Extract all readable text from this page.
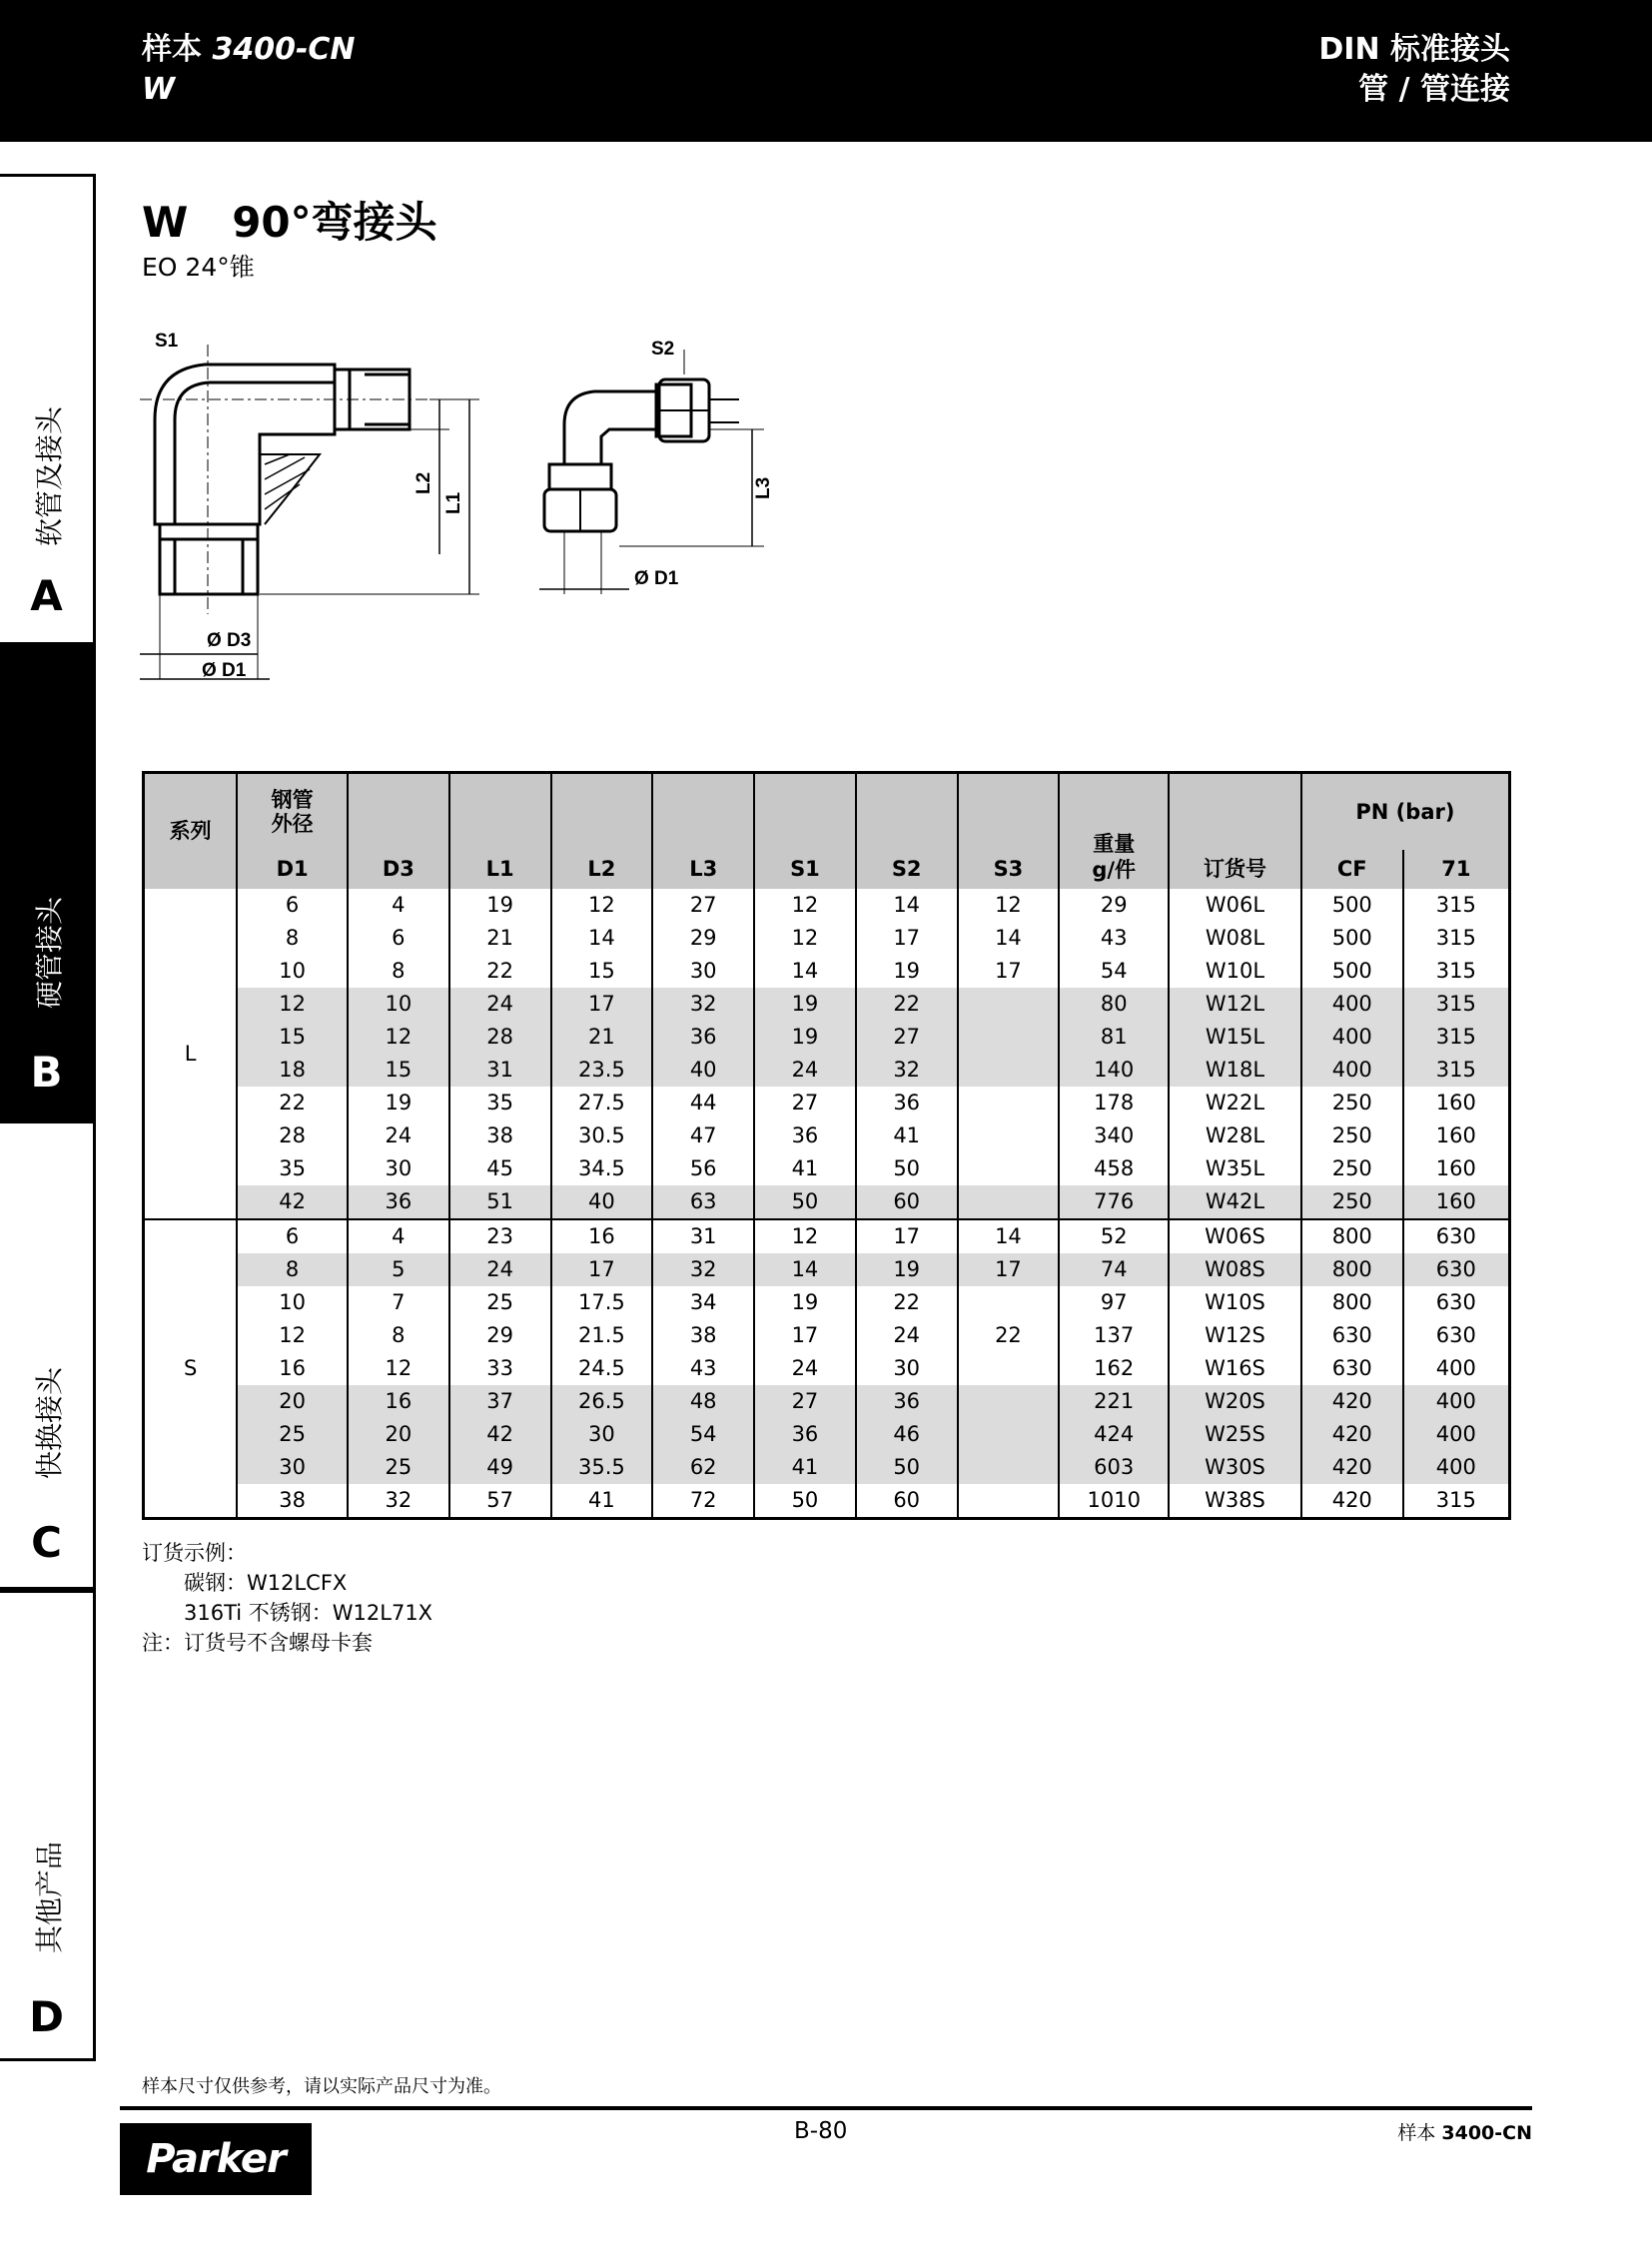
样本 3400-CN
W
DIN 标准接头
管 / 管连接
软管及接头
A
硬管接头
B
快换接头
C
其他产品
D
W   90°弯接头
EO 24°锥
S1
L2
L1
Ø D3
Ø D1
S2
L3
Ø D1
系列	钢管
外径								重量
g/件		PN (bar)	
	D1	D3	L1	L2	L3	S1	S2	S3		订货号	CF	71
L	6	4	19	12	27	12	14	12	29	W06L	500	315
	8	6	21	14	29	12	17	14	43	W08L	500	315
	10	8	22	15	30	14	19	17	54	W10L	500	315
	12	10	24	17	32	19	22		80	W12L	400	315
	15	12	28	21	36	19	27		81	W15L	400	315
	18	15	31	23.5	40	24	32		140	W18L	400	315
	22	19	35	27.5	44	27	36		178	W22L	250	160
	28	24	38	30.5	47	36	41		340	W28L	250	160
	35	30	45	34.5	56	41	50		458	W35L	250	160
	42	36	51	40	63	50	60		776	W42L	250	160
S	6	4	23	16	31	12	17	14	52	W06S	800	630
	8	5	24	17	32	14	19	17	74	W08S	800	630
	10	7	25	17.5	34	19	22		97	W10S	800	630
	12	8	29	21.5	38	17	24	22	137	W12S	630	630
	16	12	33	24.5	43	24	30		162	W16S	630	400
	20	16	37	26.5	48	27	36		221	W20S	420	400
	25	20	42	30	54	36	46		424	W25S	420	400
	30	25	49	35.5	62	41	50		603	W30S	420	400
	38	32	57	41	72	50	60		1010	W38S	420	315
订货示例：
碳钢：W12LCFX
316Ti 不锈钢：W12L71X
注：订货号不含螺母卡套
样本尺寸仅供参考，请以实际产品尺寸为准。
Parker
B-80	样本 3400-CN
